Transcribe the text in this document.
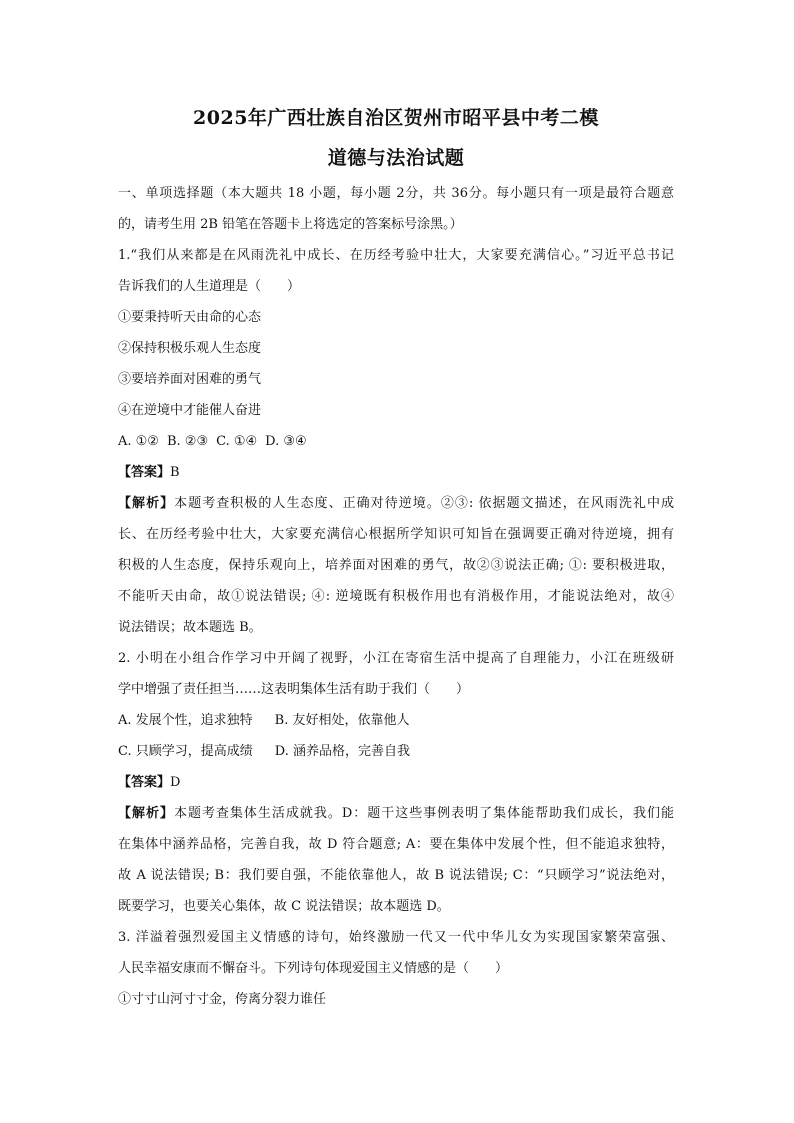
2025年广西壮族自治区贺州市昭平县中考二模
道德与法治试题
一、单项选择题（本大题共 18 小题，每小题 2分，共 36分。每小题只有一项是最符合题意
的，请考生用 2B 铅笔在答题卡上将选定的答案标号涂黑。）
1.“我们从来都是在风雨洗礼中成长、在历经考验中壮大，大家要充满信心。”习近平总书记
告诉我们的人生道理是（　　）
①要秉持听天由命的心态
②保持积极乐观人生态度
③要培养面对困难的勇气
④在逆境中才能催人奋进
A. ①② B. ②③ C. ①④ D. ③④
【答案】B
【解析】本题考查积极的人生态度、正确对待逆境。②③: 依据题文描述，在风雨洗礼中成
长、在历经考验中壮大，大家要充满信心根据所学知识可知旨在强调要正确对待逆境，拥有
积极的人生态度，保持乐观向上，培养面对困难的勇气，故②③说法正确; ①: 要积极进取，
不能听天由命，故①说法错误; ④: 逆境既有积极作用也有消极作用，才能说法绝对，故④
说法错误；故本题选 B。
2. 小明在小组合作学习中开阔了视野，小江在寄宿生活中提高了自理能力，小江在班级研
学中增强了责任担当……这表明集体生活有助于我们（　　）
A. 发展个性，追求独特 B. 友好相处，依靠他人
C. 只顾学习，提高成绩 D. 涵养品格，完善自我
【答案】D
【解析】本题考查集体生活成就我。D：题干这些事例表明了集体能帮助我们成长，我们能
在集体中涵养品格，完善自我，故 D 符合题意; A：要在集体中发展个性，但不能追求独特，
故 A 说法错误; B：我们要自强，不能依靠他人，故 B 说法错误; C：“只顾学习”说法绝对，
既要学习，也要关心集体，故 C 说法错误；故本题选 D。
3. 洋溢着强烈爱国主义情感的诗句，始终激励一代又一代中华儿女为实现国家繁荣富强、
人民幸福安康而不懈奋斗。下列诗句体现爱国主义情感的是（　　）
①寸寸山河寸寸金，侉离分裂力谁任
